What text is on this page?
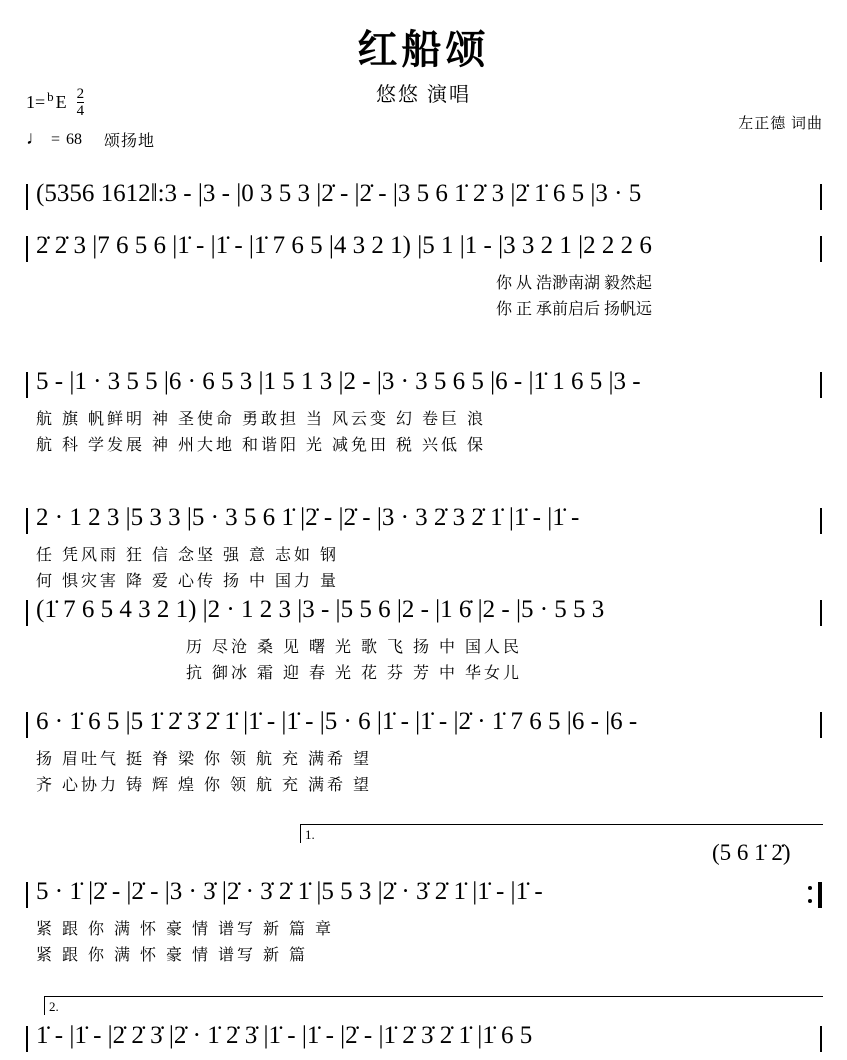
红船颂
悠悠 演唱
左正德 词曲
1= b E $\frac{2}{4}$
♩ = 68 颂扬地
(5356 1612‖:3 - |3 - |0 3 5 3 |2̇ - |2̇ - |3 5 6 1̇ 2̇ 3 |2̇ 1̇ 6 5 |3 · 5
2̇ 2̇ 3 |7 6 5 6 |1̇ - |1̇ - |1̇ 7 6 5 |4 3 2 1) |5 1 |1 - |3 3 2 1 |2 2 2 6
你 从 浩渺南湖 毅然起
你 正 承前启后 扬帆远
5 - |1 · 3 5 5 |6 · 6 5 3 |1 5 1 3 |2 - |3 · 3 5 6 5 |6 - |1̇ 1 6 5 |3 -
航 旗 帆鲜明 神 圣使命 勇敢担 当 风云变 幻 卷巨 浪
航 科 学发展 神 州大地 和谐阳 光 减免田 税 兴低 保
2 · 1 2 3 |5 3 3 |5 · 3 5 6 1̇ |2̇ - |2̇ - |3 · 3 2̇ 3 2̇ 1̇ |1̇ - |1̇ -
任 凭风雨 狂 信 念坚 强 意 志如 钢
何 惧灾害 降 爱 心传 扬 中 国力 量
(1̇ 7 6 5 4 3 2 1) |2 · 1 2 3 |3 - |5 5 6 |2 - |1 6̇ |2 - |5 · 5 5 3
历 尽沧 桑 见 曙 光 歌 飞 扬 中 国人民
抗 御冰 霜 迎 春 光 花 芬 芳 中 华女儿
6 · 1̇ 6 5 |5 1̇ 2̇ 3̇ 2̇ 1̇ |1̇ - |1̇ - |5 · 6 |1̇ - |1̇ - |2̇ · 1̇ 7 6 5 |6 - |6 -
扬 眉吐气 挺 脊 梁 你 领 航 充 满希 望
齐 心协力 铸 辉 煌 你 领 航 充 满希 望
1.
(5 6 1̇ 2̇)
5 · 1̇ |2̇ - |2̇ - |3 · 3̇ |2̇ · 3̇ 2̇ 1̇ |5 5 3 |2̇ · 3̇ 2̇ 1̇ |1̇ - |1̇ -
紧 跟 你 满 怀 豪 情 谱写 新 篇 章
紧 跟 你 满 怀 豪 情 谱写 新 篇
2.
1̇ - |1̇ - |2̇ 2̇ 3̇ |2̇ · 1̇ 2̇ 3̇ |1̇ - |1̇ - |2̇ - |1̇ 2̇ 3̇ 2̇ 1̇ |1̇ 6 5
